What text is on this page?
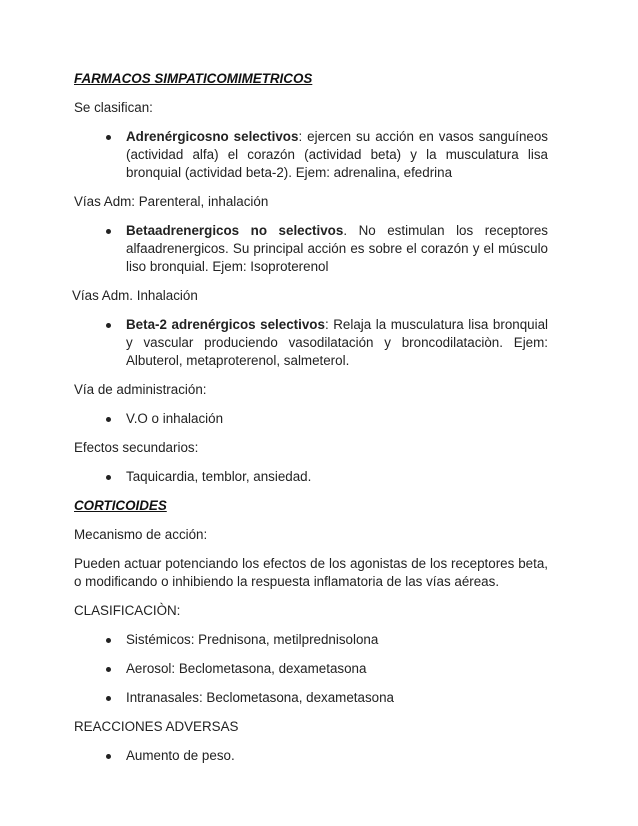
FARMACOS SIMPATICOMIMETRICOS

Se clasifican:

Adrenérgicosno selectivos: ejercen su acción en vasos sanguíneos (actividad alfa) el corazón (actividad beta) y la musculatura lisa bronquial (actividad beta-2). Ejem: adrenalina, efedrina

Vías Adm: Parenteral, inhalación

Betaadrenergicos no selectivos. No estimulan los receptores alfaadrenergicos. Su principal acción es sobre el corazón y el músculo liso bronquial. Ejem: Isoproterenol

Vías Adm. Inhalación

Beta-2 adrenérgicos selectivos: Relaja la musculatura lisa bronquial y vascular produciendo vasodilatación y broncodilataciòn. Ejem: Albuterol, metaproterenol, salmeterol.

Vía de administración:

V.O o inhalación

Efectos secundarios:

Taquicardia, temblor, ansiedad.

CORTICOIDES

Mecanismo de acción:

Pueden actuar potenciando los efectos de los agonistas de los receptores beta, o modificando o inhibiendo la respuesta inflamatoria de las vías aéreas.

CLASIFICACIÒN:

Sistémicos: Prednisona, metilprednisolona
Aerosol: Beclometasona, dexametasona
Intranasales: Beclometasona, dexametasona

REACCIONES ADVERSAS

Aumento de peso.
